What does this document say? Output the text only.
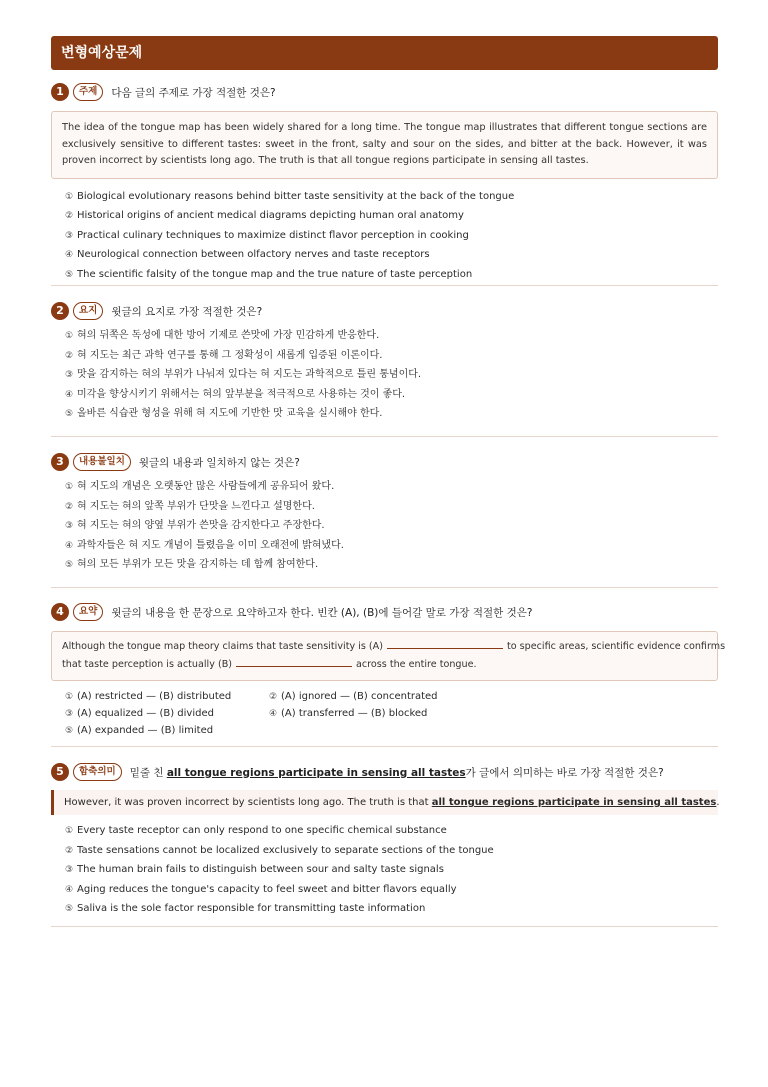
변형예상문제
1	주제	다음 글의 주제로 가장 적절한 것은?
The idea of the tongue map has been widely shared for a long time. The tongue map illustrates that different tongue sections are exclusively sensitive to different tastes: sweet in the front, salty and sour on the sides, and bitter at the back. However, it was proven incorrect by scientists long ago. The truth is that all tongue regions participate in sensing all tastes.
① Biological evolutionary reasons behind bitter taste sensitivity at the back of the tongue
② Historical origins of ancient medical diagrams depicting human oral anatomy
③ Practical culinary techniques to maximize distinct flavor perception in cooking
④ Neurological connection between olfactory nerves and taste receptors
⑤ The scientific falsity of the tongue map and the true nature of taste perception
2	요지	윗글의 요지로 가장 적절한 것은?
① 혀의 뒤쪽은 독성에 대한 방어 기제로 쓴맛에 가장 민감하게 반응한다.
② 혀 지도는 최근 과학 연구를 통해 그 정확성이 새롭게 입증된 이론이다.
③ 맛을 감지하는 혀의 부위가 나눠져 있다는 혀 지도는 과학적으로 틀린 통념이다.
④ 미각을 향상시키기 위해서는 혀의 앞부분을 적극적으로 사용하는 것이 좋다.
⑤ 올바른 식습관 형성을 위해 혀 지도에 기반한 맛 교육을 실시해야 한다.
3	내용불일치	윗글의 내용과 일치하지 않는 것은?
① 혀 지도의 개념은 오랫동안 많은 사람들에게 공유되어 왔다.
② 혀 지도는 혀의 앞쪽 부위가 단맛을 느낀다고 설명한다.
③ 혀 지도는 혀의 양옆 부위가 쓴맛을 감지한다고 주장한다.
④ 과학자들은 혀 지도 개념이 틀렸음을 이미 오래전에 밝혀냈다.
⑤ 혀의 모든 부위가 모든 맛을 감지하는 데 함께 참여한다.
4	요약	윗글의 내용을 한 문장으로 요약하고자 한다. 빈칸 (A), (B)에 들어갈 말로 가장 적절한 것은?
Although the tongue map theory claims that taste sensitivity is (A)	to specific areas, scientific evidence confirms
that taste perception is actually (B)	across the entire tongue.
① (A) restricted — (B) distributed	② (A) ignored — (B) concentrated
③ (A) equalized — (B) divided	④ (A) transferred — (B) blocked
⑤ (A) expanded — (B) limited
5	함축의미	밑줄 친 all tongue regions participate in sensing all tastes가 글에서 의미하는 바로 가장 적절한 것은?
However, it was proven incorrect by scientists long ago. The truth is that all tongue regions participate in sensing all tastes.
① Every taste receptor can only respond to one specific chemical substance
② Taste sensations cannot be localized exclusively to separate sections of the tongue
③ The human brain fails to distinguish between sour and salty taste signals
④ Aging reduces the tongue's capacity to feel sweet and bitter flavors equally
⑤ Saliva is the sole factor responsible for transmitting taste information
